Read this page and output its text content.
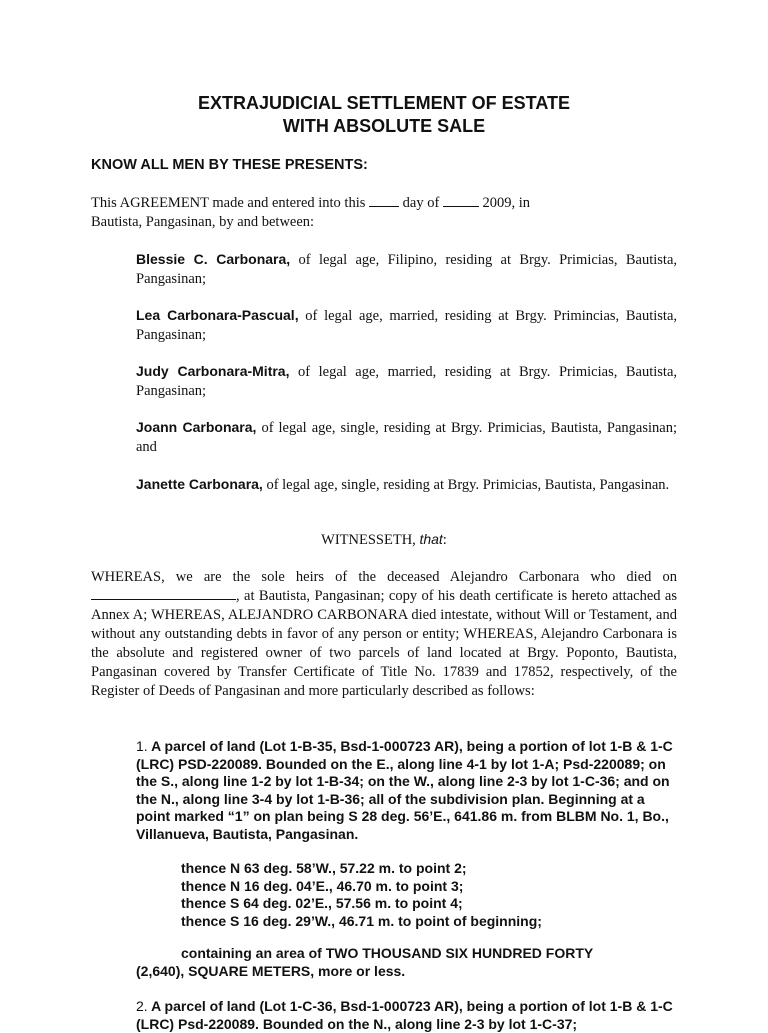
EXTRAJUDICIAL SETTLEMENT OF ESTATE
WITH ABSOLUTE SALE
KNOW ALL MEN BY THESE PRESENTS:
This AGREEMENT made and entered into this	day of	2009, in
Bautista, Pangasinan, by and between:
Blessie C. Carbonara, of legal age, Filipino, residing at Brgy. Primicias, Bautista, Pangasinan;
Lea Carbonara-Pascual, of legal age, married, residing at Brgy. Primincias, Bautista, Pangasinan;
Judy Carbonara-Mitra, of legal age, married, residing at Brgy. Primicias, Bautista, Pangasinan;
Joann Carbonara, of legal age, single, residing at Brgy. Primicias, Bautista, Pangasinan; and
Janette Carbonara, of legal age, single, residing at Brgy. Primicias, Bautista, Pangasinan.
WITNESSETH, that:
WHEREAS, we are the sole heirs of the deceased Alejandro Carbonara who died on , at Bautista, Pangasinan; copy of his death certificate is hereto attached as Annex A; WHEREAS, ALEJANDRO CARBONARA died intestate, without Will or Testament, and without any outstanding debts in favor of any person or entity; WHEREAS, Alejandro Carbonara is the absolute and registered owner of two parcels of land located at Brgy. Poponto, Bautista, Pangasinan covered by Transfer Certificate of Title No. 17839 and 17852, respectively, of the Register of Deeds of Pangasinan and more particularly described as follows:
1. A parcel of land (Lot 1-B-35, Bsd-1-000723 AR), being a portion of lot 1-B & 1-C (LRC) PSD-220089. Bounded on the E., along line 4-1 by lot 1-A; Psd-220089; on the S., along line 1-2 by lot 1-B-34; on the W., along line 2-3 by lot 1-C-36; and on the N., along line 3-4 by lot 1-B-36; all of the subdivision plan. Beginning at a point marked “1” on plan being S 28 deg. 56’E., 641.86 m. from BLBM No. 1, Bo., Villanueva, Bautista, Pangasinan.
thence N 63 deg. 58’W., 57.22 m. to point 2;
thence N 16 deg. 04’E., 46.70 m. to point 3;
thence S 64 deg. 02’E., 57.56 m. to point 4;
thence S 16 deg. 29’W., 46.71 m. to point of beginning;
containing an area of TWO THOUSAND SIX HUNDRED FORTY
(2,640), SQUARE METERS, more or less.
2. A parcel of land (Lot 1-C-36, Bsd-1-000723 AR), being a portion of lot 1-B & 1-C (LRC) Psd-220089. Bounded on the N., along line 2-3 by lot 1-C-37;
